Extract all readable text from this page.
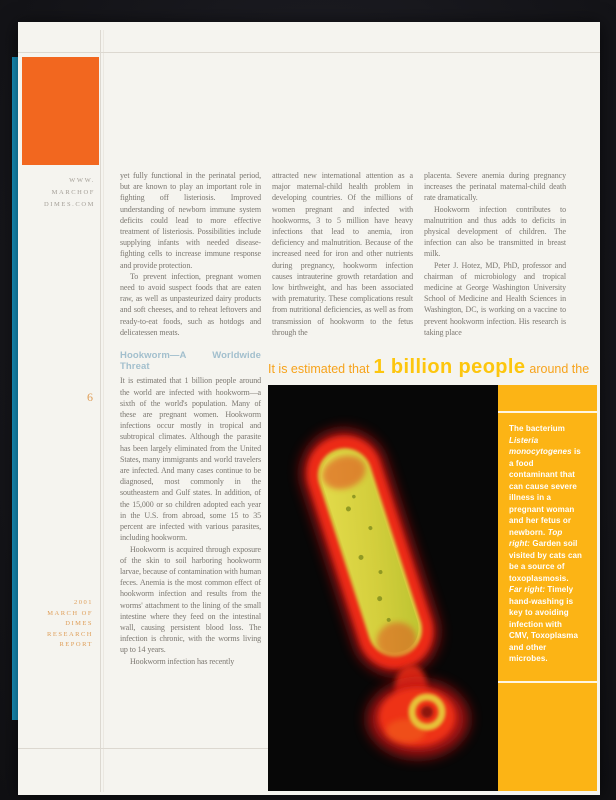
WWW.
MARCHOF
DIMES.COM
6
2001
MARCH OF
DIMES
RESEARCH
REPORT

yet fully functional in the perinatal period, but are known to play an important role in fighting off listeriosis. Improved understanding of newborn immune system deficits could lead to more effective treatment of listeriosis. Possibilities include supplying infants with needed disease-fighting cells to increase immune response and provide protection.

To prevent infection, pregnant women need to avoid suspect foods that are eaten raw, as well as unpasteurized dairy products and soft cheeses, and to reheat leftovers and ready-to-eat foods, such as hotdogs and delicatessen meats.

Hookworm—A Worldwide Threat

It is estimated that 1 billion people around the world are infected with hookworm—a sixth of the world's population. Many of these are pregnant women. Hookworm infections occur mostly in tropical and subtropical climates. Although the parasite has been largely eliminated from the United States, many immigrants and world travelers are infected. And many cases continue to be diagnosed, most commonly in the southeastern and Gulf states. In addition, of the 15,000 or so children adopted each year in the U.S. from abroad, some 15 to 35 percent are infected with various parasites, including hookworm.

Hookworm is acquired through exposure of the skin to soil harboring hookworm larvae, because of contamination with human feces. Anemia is the most common effect of hookworm infection and results from the worms' attachment to the lining of the small intestine where they feed on the intestinal wall, causing persistent blood loss. The infection is chronic, with the worms living up to 14 years.

Hookworm infection has recently

attracted new international attention as a major maternal-child health problem in developing countries. Of the millions of women pregnant and infected with hookworms, 3 to 5 million have heavy infections that lead to anemia, iron deficiency and malnutrition. Because of the increased need for iron and other nutrients during pregnancy, hookworm infection causes intrauterine growth retardation and low birthweight, and has been associated with prematurity. These complications result from nutritional deficiencies, as well as from transmission of hookworm to the fetus through the

placenta. Severe anemia during pregnancy increases the perinatal maternal-child death rate dramatically.

Hookworm infection contributes to malnutrition and thus adds to deficits in physical development of children. The infection can also be transmitted in breast milk.

Peter J. Hotez, MD, PhD, professor and chairman of microbiology and tropical medicine at George Washington University School of Medicine and Health Sciences in Washington, DC, is working on a vaccine to prevent hookworm infection. His research is taking place

It is estimated that 1 billion people around the
The bacterium Listeria monocytogenes is a food contaminant that can cause severe illness in a pregnant woman and her fetus or newborn. Top right: Garden soil visited by cats can be a source of toxoplasmosis. Far right: Timely hand-washing is key to avoiding infection with CMV, Toxoplasma and other microbes.
